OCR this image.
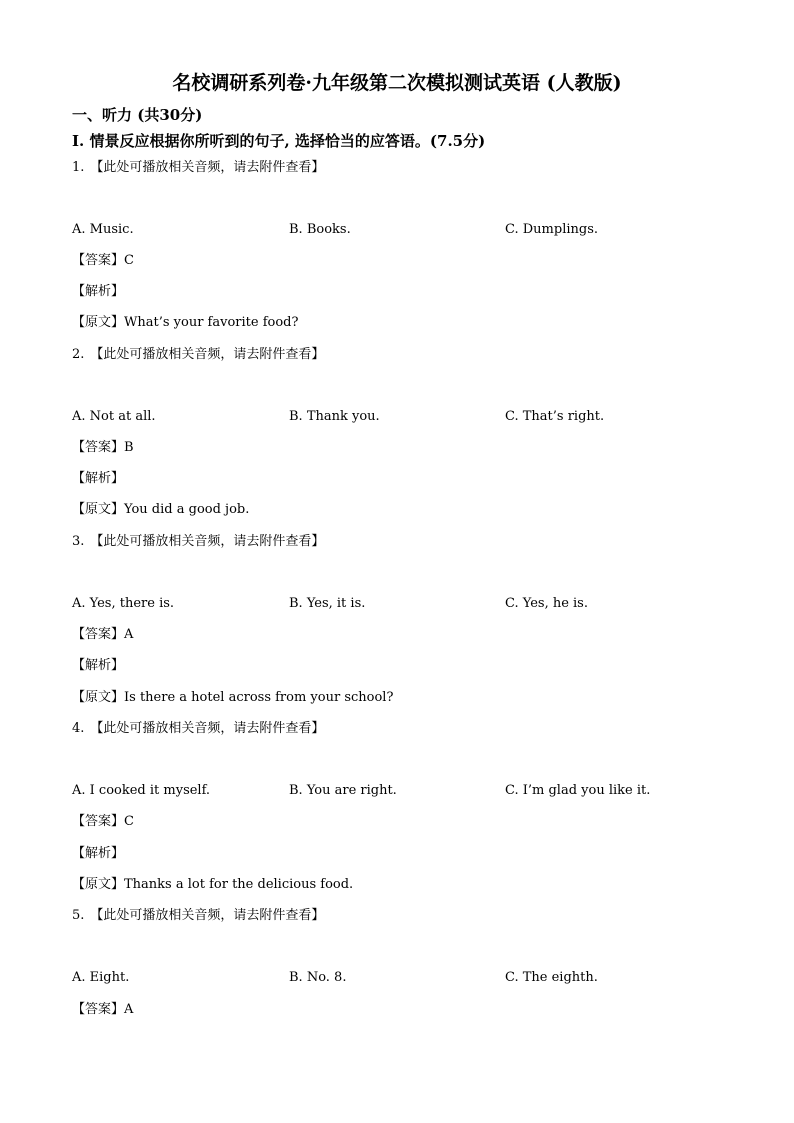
名校调研系列卷·九年级第二次模拟测试英语 (人教版)
一、听力 (共30分)
I. 情景反应根据你所听到的句子, 选择恰当的应答语。(7.5分)
1. 【此处可播放相关音频，请去附件查看】
A. Music.	B. Books.	C. Dumplings.
【答案】C
【解析】
【原文】What’s your favorite food?
2. 【此处可播放相关音频，请去附件查看】
A. Not at all.	B. Thank you.	C. That’s right.
【答案】B
【解析】
【原文】You did a good job.
3. 【此处可播放相关音频，请去附件查看】
A. Yes, there is.	B. Yes, it is.	C. Yes, he is.
【答案】A
【解析】
【原文】Is there a hotel across from your school?
4. 【此处可播放相关音频，请去附件查看】
A. I cooked it myself.	B. You are right.	C. I’m glad you like it.
【答案】C
【解析】
【原文】Thanks a lot for the delicious food.
5. 【此处可播放相关音频，请去附件查看】
A. Eight.	B. No. 8.	C. The eighth.
【答案】A
